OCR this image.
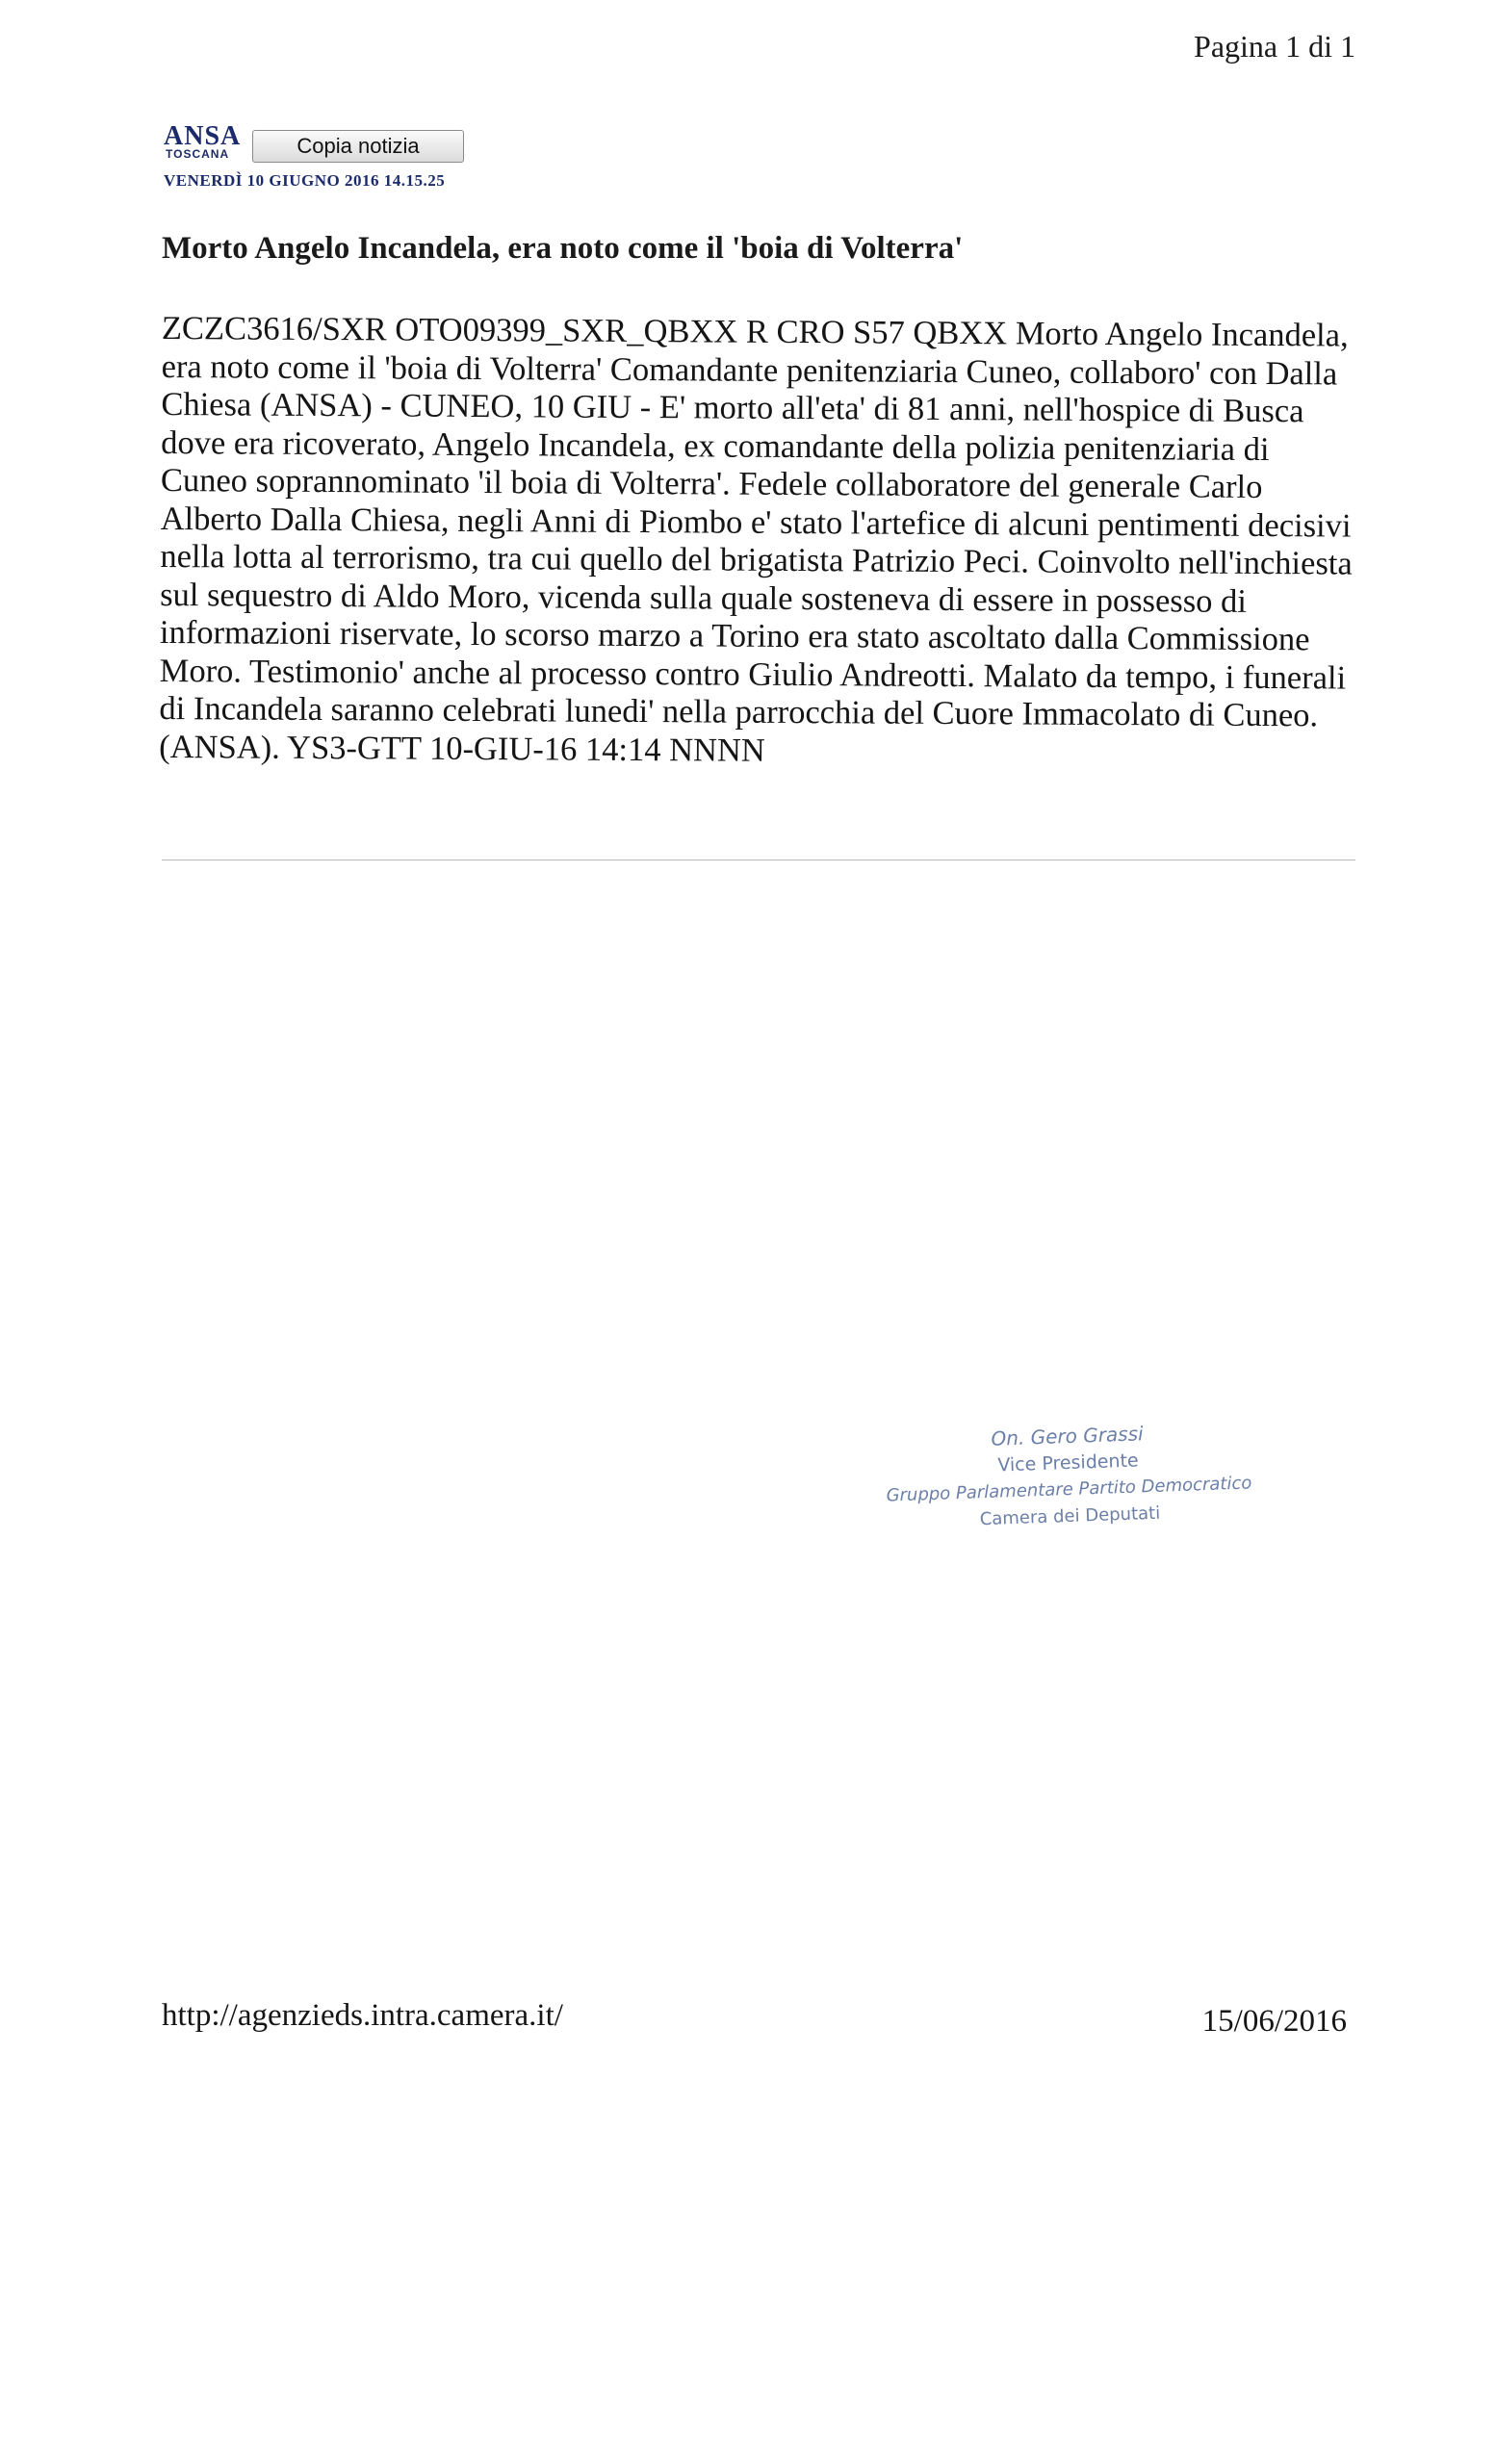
Pagina 1 di 1
ANSA
TOSCANA	Copia notizia
VENERDÌ 10 GIUGNO 2016 14.15.25
Morto Angelo Incandela, era noto come il 'boia di Volterra'

ZCZC3616/SXR OTO09399_SXR_QBXX R CRO S57 QBXX Morto Angelo Incandela, era noto come il 'boia di Volterra' Comandante penitenziaria Cuneo, collaboro' con Dalla Chiesa (ANSA) - CUNEO, 10 GIU - E' morto all'eta' di 81 anni, nell'hospice di Busca dove era ricoverato, Angelo Incandela, ex comandante della polizia penitenziaria di Cuneo soprannominato 'il boia di Volterra'. Fedele collaboratore del generale Carlo Alberto Dalla Chiesa, negli Anni di Piombo e' stato l'artefice di alcuni pentimenti decisivi nella lotta al terrorismo, tra cui quello del brigatista Patrizio Peci. Coinvolto nell'inchiesta sul sequestro di Aldo Moro, vicenda sulla quale sosteneva di essere in possesso di informazioni riservate, lo scorso marzo a Torino era stato ascoltato dalla Commissione Moro. Testimonio' anche al processo contro Giulio Andreotti. Malato da tempo, i funerali di Incandela saranno celebrati lunedi' nella parrocchia del Cuore Immacolato di Cuneo. (ANSA). YS3-GTT 10-GIU-16 14:14 NNNN

On. Gero Grassi
Vice Presidente
Gruppo Parlamentare Partito Democratico
Camera dei Deputati
http://agenzieds.intra.camera.it/	15/06/2016
